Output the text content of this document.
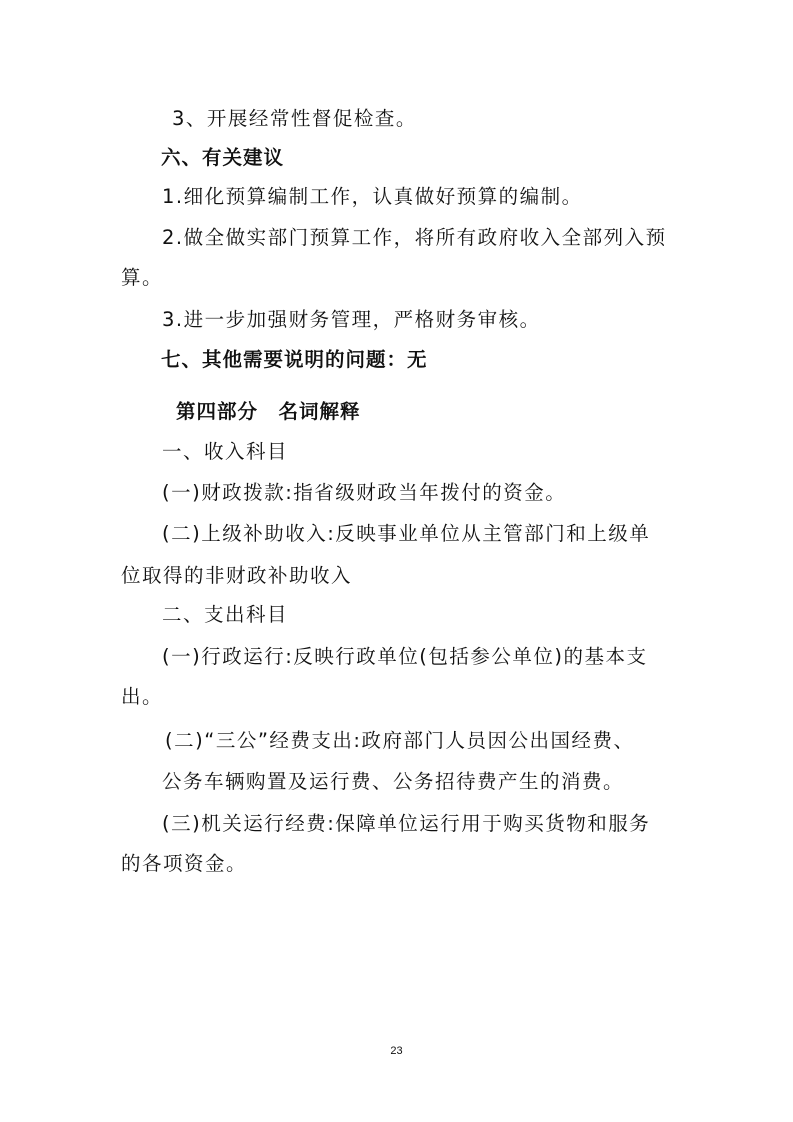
3、开展经常性督促检查。
六、有关建议
1.细化预算编制工作，认真做好预算的编制。
2.做全做实部门预算工作，将所有政府收入全部列入预
算。
3.进一步加强财务管理，严格财务审核。
七、其他需要说明的问题：无
第四部分　名词解释
一、收入科目
(一)财政拨款:指省级财政当年拨付的资金。
(二)上级补助收入:反映事业单位从主管部门和上级单
位取得的非财政补助收入
二、支出科目
(一)行政运行:反映行政单位(包括参公单位)的基本支
出。
(二)“三公”经费支出:政府部门人员因公出国经费、
公务车辆购置及运行费、公务招待费产生的消费。
(三)机关运行经费:保障单位运行用于购买货物和服务
的各项资金。
23
